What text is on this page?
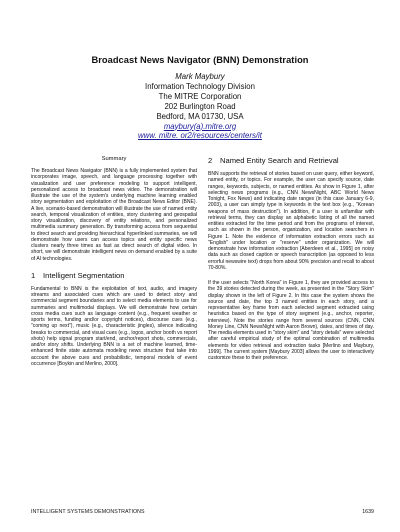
Broadcast News Navigator (BNN) Demonstration
Mark Maybury
Information Technology Division
The MITRE Corporation
202 Burlington Road
Bedford, MA 01730, USA
maybury(a).mitre.org
www. mitre. or2/resources/centers/it
Summary

The Broadcast News Navigator (BNN) is a fully implemented system that incorporates image, speech, and language processing together with visualization and user preference modeling to support intelligent, personalized access to broadcast news video. The demonstration will illustrate the use of the system's underlying machine learning enabled story segmentation and exploitation of the Broadcast News Editor (BNE). A live, scenario-based demonstration will illustrate the use of named entity search, temporal visualization of entities, story clustering and geospatial story visualization, discovery of entity relations, and personalized multimedia summary generation. By transforming access from sequential to direct search and providing hierarchical hyperlinked summaries, we will demonstrate how users can access topics and entity specific news clusters nearly three times as fast as direct search of digital video. In short, we will demonstrate intelligent news on demand enabled by a suite of AI technologies.

1 Intelligent Segmentation

Fundamental to BNN is the exploitation of text, audio, and imagery streams and associated cues which are used to detect story and commercial segment boundaries and to select media elements to use for summaries and multimodal displays. We will demonstrate how certain cross media cues such as language content (e.g., frequent weather or sports terms, funding and/or copyright notices), discourse cues (e.g., "coming up next"), music (e.g., characteristic jingles), silence indicating breaks to commercial, and visual cues (e.g., logos, anchor booth vs report shots) help signal program start/end, anchor/report shots, commercials, and/or story shifts. Underlying BNN is a set of machine learned, time-enhanced finite state automata modeling news structure that take into account the above cues and probabilistic, temporal models of event occurrence [Boykin and Merlino, 2000].

2 Named Entity Search and Retrieval

BNN supports the retrieval of stories based on user query, either keyword, named entity, or topics. For example, the user can specify source, date ranges, keywords, subjects, or named entities. As show in Figure 1, after selecting news programs (e.g., CNN NewsNight, ABC World News Tonight, Fox News) and indicating date ranges (in this case January 6-9, 2003), a user can simply type in keywords in the text box (e.g., "Korean weapons of mass destruction"). In addition, if a user is unfamiliar with retrieval terms, they can display an alphabetic listing of all the named entities extracted for the time period and from the programs of interest, such as shown in the person, organization, and location searchers in Figure 1. Note the evidence of information extraction errors such as "English" under location or "reserve" under organization. We will demonstrate how information extraction [Aberdeen et al., 1995] on noisy data such as closed caption or speech transcription (as opposed to less errorful newswire text) drops from about 90% precision and recall to about 70-80%.

If the user selects "North Korea" in Figure 1, they are provided access to the 39 stories detected during the week, as presented in the "Story Skim" display shown in the left of Figure 2. In this case the system shows the source and date, the top 3 named entities in each story, and a representative key frame from each selected segment extracted using heuristics based on the type of story segment (e.g., anchor, reporter, interview). Note the stories range from several sources (CNN, CNN Money Line, CNN NewsNight with Aaron Brown), dates, and times of day. The media elements used in "story skim" and "story details" were selected after careful empirical study of the optimal combination of multimedia elements for video retrieval and extraction tasks [Merlino and Maybury, 1999]. The current system [Maybury 2003] allows the user to interactively customize these to their preference.

INTELLIGENT SYSTEMS DEMONSTRATIONS	1639
